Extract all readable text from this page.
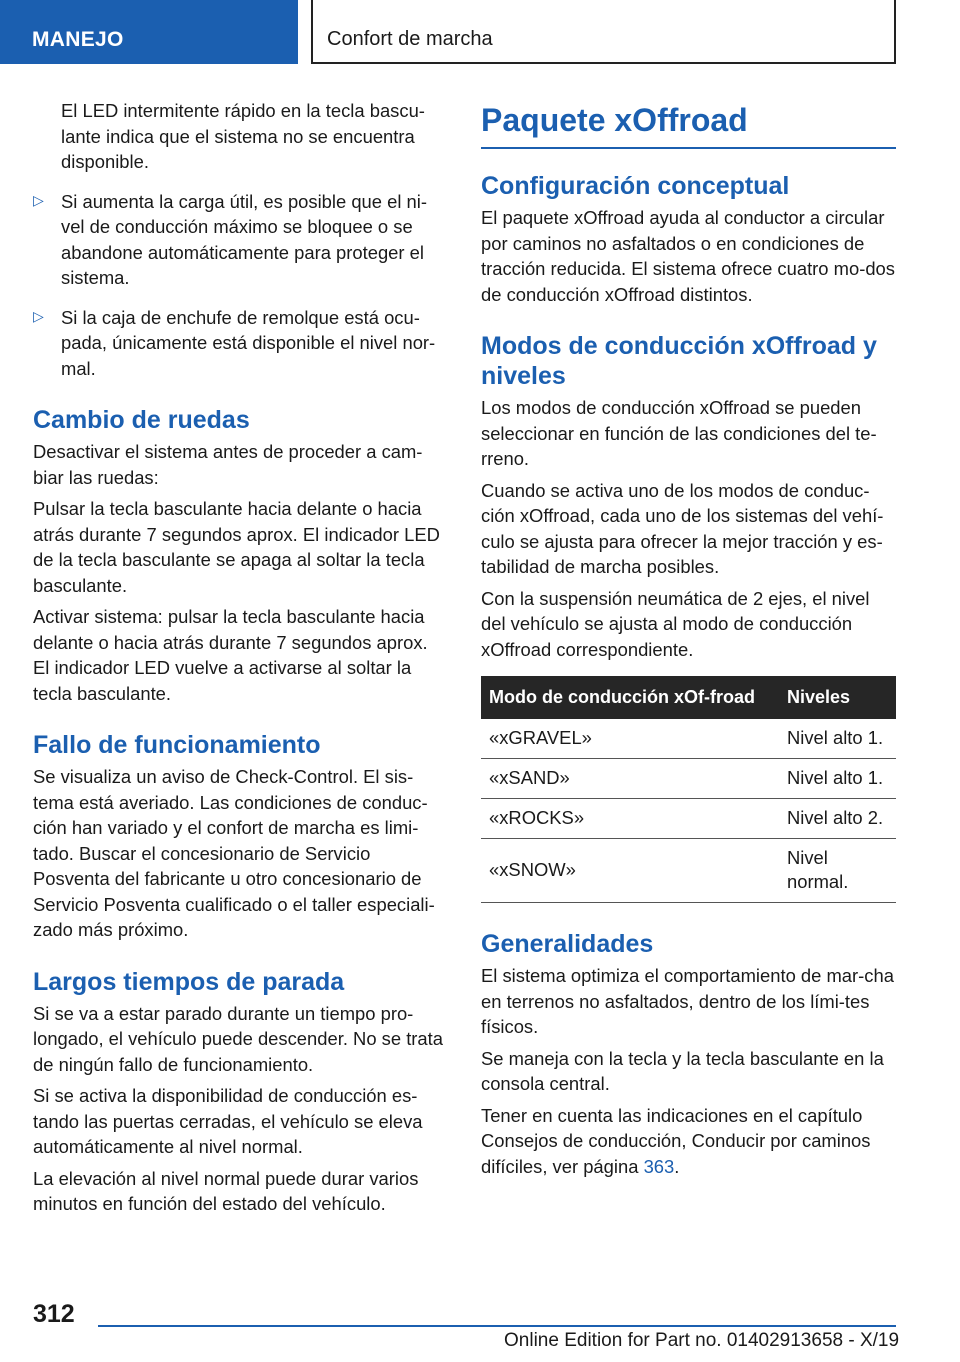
MANEJO	Confort de marcha

El LED intermitente rápido en la tecla bascu-lante indica que el sistema no se encuentra disponible.

▷ Si aumenta la carga útil, es posible que el ni-vel de conducción máximo se bloquee o se abandone automáticamente para proteger el sistema.

▷ Si la caja de enchufe de remolque está ocu-pada, únicamente está disponible el nivel nor-mal.

Cambio de ruedas

Desactivar el sistema antes de proceder a cam-biar las ruedas:

Pulsar la tecla basculante hacia delante o hacia atrás durante 7 segundos aprox. El indicador LED de la tecla basculante se apaga al soltar la tecla basculante.

Activar sistema: pulsar la tecla basculante hacia delante o hacia atrás durante 7 segundos aprox. El indicador LED vuelve a activarse al soltar la tecla basculante.

Fallo de funcionamiento

Se visualiza un aviso de Check-Control. El sis-tema está averiado. Las condiciones de conduc-ción han variado y el confort de marcha es limi-tado. Buscar el concesionario de Servicio Posventa del fabricante u otro concesionario de Servicio Posventa cualificado o el taller especiali-zado más próximo.

Largos tiempos de parada

Si se va a estar parado durante un tiempo pro-longado, el vehículo puede descender. No se trata de ningún fallo de funcionamiento.

Si se activa la disponibilidad de conducción es-tando las puertas cerradas, el vehículo se eleva automáticamente al nivel normal.

La elevación al nivel normal puede durar varios minutos en función del estado del vehículo.

Paquete xOffroad
Configuración conceptual

El paquete xOffroad ayuda al conductor a circular por caminos no asfaltados o en condiciones de tracción reducida. El sistema ofrece cuatro mo-dos de conducción xOffroad distintos.

Modos de conducción xOffroad y niveles

Los modos de conducción xOffroad se pueden seleccionar en función de las condiciones del te-rreno.

Cuando se activa uno de los modos de conduc-ción xOffroad, cada uno de los sistemas del vehí-culo se ajusta para ofrecer la mejor tracción y es-tabilidad de marcha posibles.

Con la suspensión neumática de 2 ejes, el nivel del vehículo se ajusta al modo de conducción xOffroad correspondiente.

Modo de conducción xOf-froad	Niveles
«xGRAVEL»	Nivel alto 1.
«xSAND»	Nivel alto 1.
«xROCKS»	Nivel alto 2.
«xSNOW»	Nivel normal.
Generalidades

El sistema optimiza el comportamiento de mar-cha en terrenos no asfaltados, dentro de los lími-tes físicos.

Se maneja con la tecla y la tecla basculante en la consola central.

Tener en cuenta las indicaciones en el capítulo Consejos de conducción, Conducir por caminos difíciles, ver página 363.

312
Online Edition for Part no. 01402913658 - X/19
